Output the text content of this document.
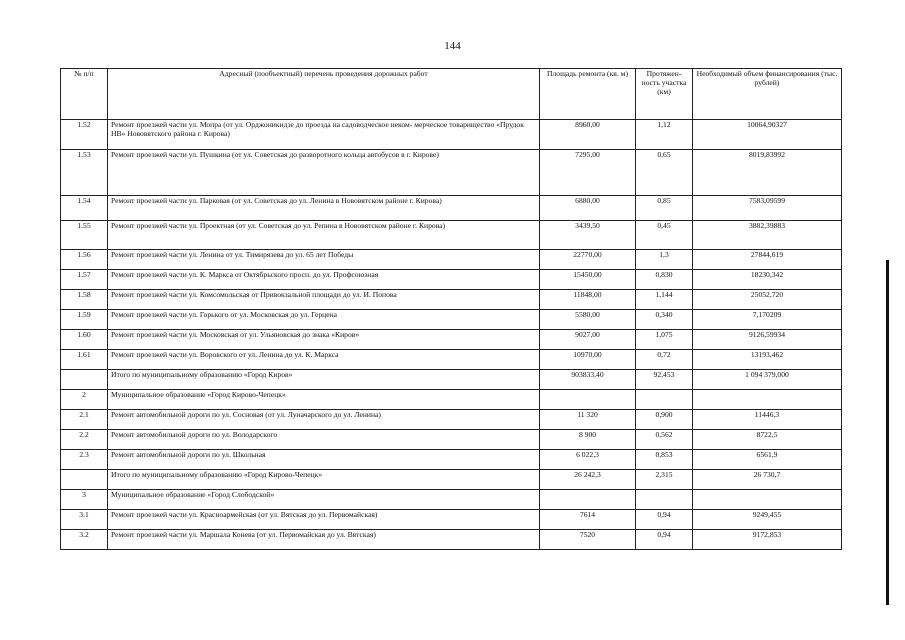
144
№ п/п	Адресный (пообъектный) перечень проведения дорожных работ	Площадь ремонта (кв. м)	Протяжен- ность участка (км)	Необходимый объем финансирования (тыс. рублей)
1.52	Ремонт проезжей части ул. Мопра (от ул. Орджоникидзе до проезда на садоводческое неком- мерческое товарищество «Прудок НВ» Нововятского района г. Кирова)	8960,00	1,12	10064,90327
1.53	Ремонт проезжей части ул. Пушкина (от ул. Советская до разворотного кольца автобусов в г. Кирове)	7295,00	0,65	8019,83992
1.54	Ремонт проезжей части ул. Парковая (от ул. Советская до ул. Ленина в Нововятском районе г. Кирова)	6880,00	0,85	7583,09599
1.55	Ремонт проезжей части ул. Проектная (от ул. Советская до ул. Репина в Нововятском районе г. Кирова)	3439,50	0,45	3882,39883
1.56	Ремонт проезжей части ул. Ленина от ул. Тимирязева до ул. 65 лет Победы	22770,00	1,3	27844,619
1.57	Ремонт проезжей части ул. К. Маркса от Октябрьского просп. до ул. Профсоюзная	15450,00	0,830	18230,342
1.58	Ремонт проезжей части ул. Комсомольская от Привокзальной площади до ул. И. Попова	11848,00	1,144	25052,720
1.59	Ремонт проезжей части ул. Горького от ул. Московская до ул. Герцена	5580,00	0,340	7,170209
1.60	Ремонт проезжей части ул. Московская от ул. Ульяновская до знака «Киров»	9027,00	1,075	9126,59934
1.61	Ремонт проезжей части ул. Воровского от ул. Ленина до ул. К. Маркса	10970,00	0,72	13193,462
	Итого по муниципальному образованию «Город Киров»	903833,40	92,453	1 094 379,000
2	Муниципальное образование «Город Кирово-Чепецк»			
2.1	Ремонт автомобильной дороги по ул. Сосновая (от ул. Луначарского до ул. Ленина)	11 320	0,900	11446,3
2.2	Ремонт автомобильной дороги по ул. Володарского	8 900	0,562	8722,5
2.3	Ремонт автомобильной дороги по ул. Школьная	6 022,3	0,853	6561,9
	Итого по муниципальному образованию «Город Кирово-Чепецк»	26 242,3	2,315	26 730,7
3	Муниципальное образование «Город Слободской»			
3.1	Ремонт проезжей части ул. Красноармейская (от ул. Вятская до ул. Первомайская)	7614	0,94	9249,455
3.2	Ремонт проезжей части ул. Маршала Конева (от ул. Первомайская до ул. Вятская)	7520	0,94	9172,853
